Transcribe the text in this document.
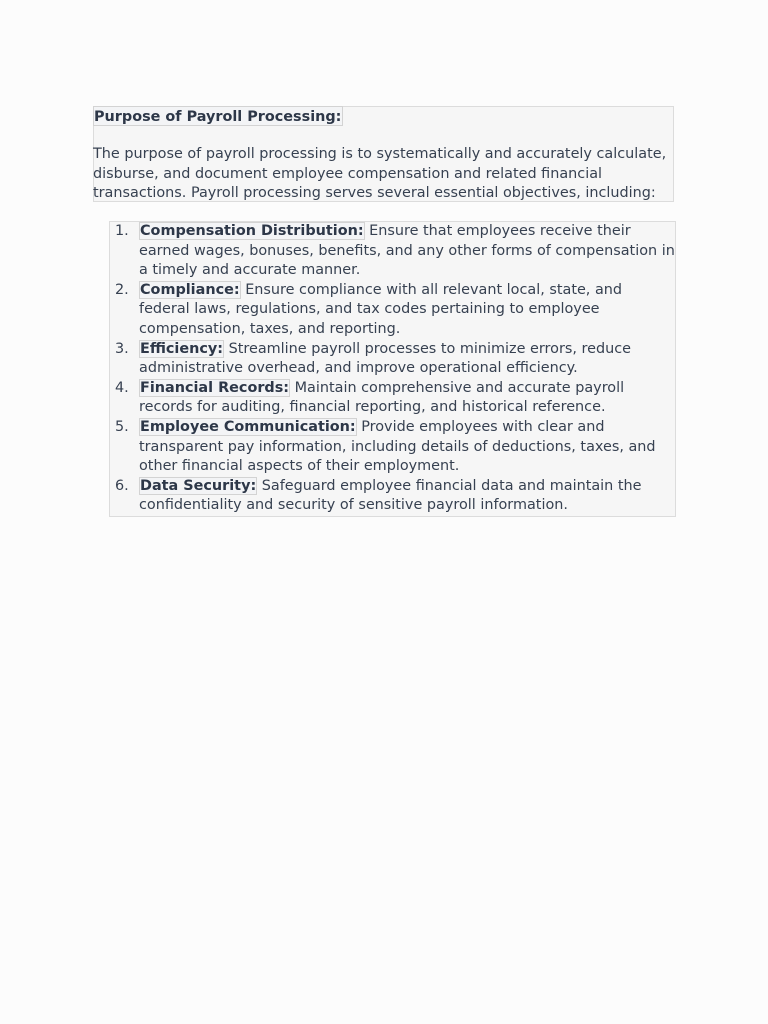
Purpose of Payroll Processing:

The purpose of payroll processing is to systematically and accurately calculate, disburse, and document employee compensation and related financial transactions. Payroll processing serves several essential objectives, including:

1. Compensation Distribution: Ensure that employees receive their earned wages, bonuses, benefits, and any other forms of compensation in a timely and accurate manner.
2. Compliance: Ensure compliance with all relevant local, state, and federal laws, regulations, and tax codes pertaining to employee compensation, taxes, and reporting.
3. Efficiency: Streamline payroll processes to minimize errors, reduce administrative overhead, and improve operational efficiency.
4. Financial Records: Maintain comprehensive and accurate payroll records for auditing, financial reporting, and historical reference.
5. Employee Communication: Provide employees with clear and transparent pay information, including details of deductions, taxes, and other financial aspects of their employment.
6. Data Security: Safeguard employee financial data and maintain the confidentiality and security of sensitive payroll information.
